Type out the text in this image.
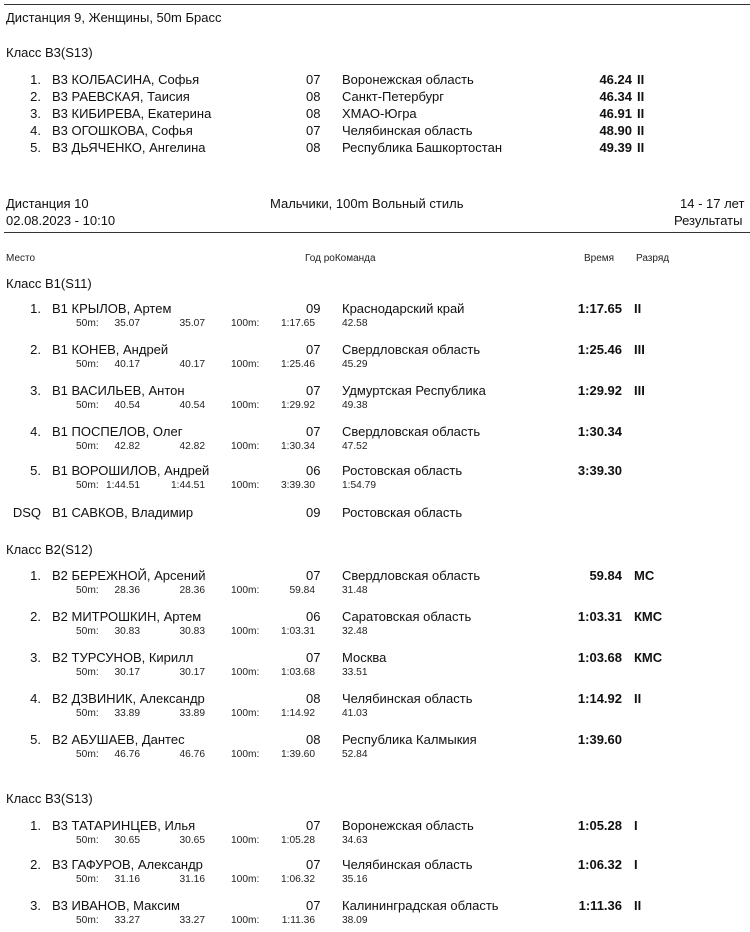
Дистанция 9, Женщины, 50m Брасс
Класс B3(S13)
1. B3 КОЛБАСИНА, Софья	07 Воронежская область	46.24 II
2. B3 РАЕВСКАЯ, Таисия	08 Санкт-Петербург	46.34 II
3. B3 КИБИРЕВА, Екатерина	08 ХМАО-Югра	46.91 II
4. B3 ОГОШКОВА, Софья	07 Челябинская область	48.90 II
5. B3 ДЬЯЧЕНКО, Ангелина	08 Республика Башкортостан	49.39 II
Дистанция 10
02.08.2023 - 10:10
Мальчики, 100m Вольный стиль	14 - 17 лет
Результаты
Место	Год роКоманда	Время Разряд
Класс B1(S11)
1. B1 КРЫЛОВ, Артем	09 Краснодарский край	1:17.65 II
50m:	35.07	35.07	100m:	1:17.65	42.58
2. B1 КОНЕВ, Андрей	07 Свердловская область	1:25.46 III
50m:	40.17	40.17	100m:	1:25.46	45.29
3. B1 ВАСИЛЬЕВ, Антон	07 Удмуртская Республика	1:29.92 III
50m:	40.54	40.54	100m:	1:29.92	49.38
4. B1 ПОСПЕЛОВ, Олег	07 Свердловская область	1:30.34
50m:	42.82	42.82	100m:	1:30.34	47.52
5. B1 ВОРОШИЛОВ, Андрей	06 Ростовская область	3:39.30
50m: 1:44.51	1:44.51	100m:	3:39.30	1:54.79
DSQ B1 САВКОВ, Владимир	09 Ростовская область
Класс B2(S12)
1. B2 БЕРЕЖНОЙ, Арсений	07 Свердловская область	59.84 МС
50m:	28.36	28.36	100m:	59.84	31.48
2. B2 МИТРОШКИН, Артем	06 Саратовская область	1:03.31 КМС
50m:	30.83	30.83	100m:	1:03.31	32.48
3. B2 ТУРСУНОВ, Кирилл	07 Москва	1:03.68 КМС
50m:	30.17	30.17	100m:	1:03.68	33.51
4. B2 ДЗВИНИК, Александр	08 Челябинская область	1:14.92 II
50m:	33.89	33.89	100m:	1:14.92	41.03
5. B2 АБУШАЕВ, Дантес	08 Республика Калмыкия	1:39.60
50m:	46.76	46.76	100m:	1:39.60	52.84
Класс B3(S13)
1. B3 ТАТАРИНЦЕВ, Илья	07 Воронежская область	1:05.28 I
50m:	30.65	30.65	100m:	1:05.28	34.63
2. B3 ГАФУРОВ, Александр	07 Челябинская область	1:06.32 I
50m:	31.16	31.16	100m:	1:06.32	35.16
3. B3 ИВАНОВ, Максим	07 Калининградская область	1:11.36 II
50m:	33.27	33.27	100m:	1:11.36	38.09
